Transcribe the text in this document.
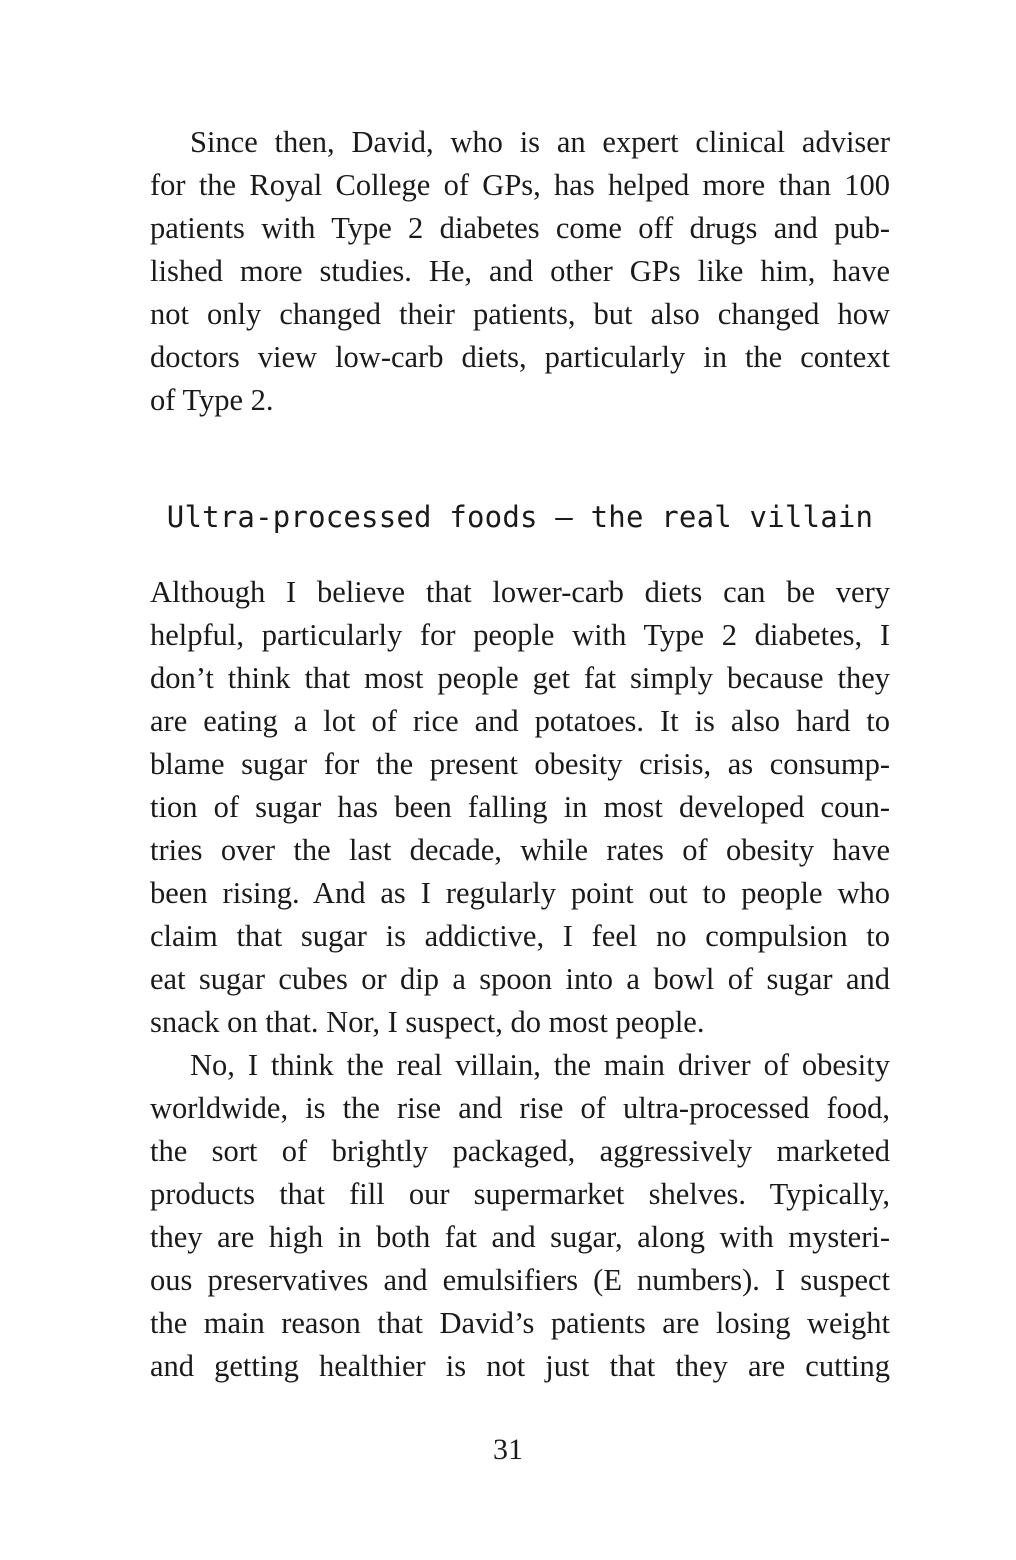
Since then, David, who is an expert clinical adviser
for the Royal College of GPs, has helped more than 100
patients with Type 2 diabetes come off drugs and pub-
lished more studies. He, and other GPs like him, have
not only changed their patients, but also changed how
doctors view low-carb diets, particularly in the context
of Type 2.
Ultra-processed foods – the real villain
Although I believe that lower-carb diets can be very
helpful, particularly for people with Type 2 diabetes, I
don’t think that most people get fat simply because they
are eating a lot of rice and potatoes. It is also hard to
blame sugar for the present obesity crisis, as consump-
tion of sugar has been falling in most developed coun-
tries over the last decade, while rates of obesity have
been rising. And as I regularly point out to people who
claim that sugar is addictive, I feel no compulsion to
eat sugar cubes or dip a spoon into a bowl of sugar and
snack on that. Nor, I suspect, do most people.
No, I think the real villain, the main driver of obesity
worldwide, is the rise and rise of ultra-processed food,
the sort of brightly packaged, aggressively marketed
products that fill our supermarket shelves. Typically,
they are high in both fat and sugar, along with mysteri-
ous preservatives and emulsifiers (E numbers). I suspect
the main reason that David’s patients are losing weight
and getting healthier is not just that they are cutting
31
